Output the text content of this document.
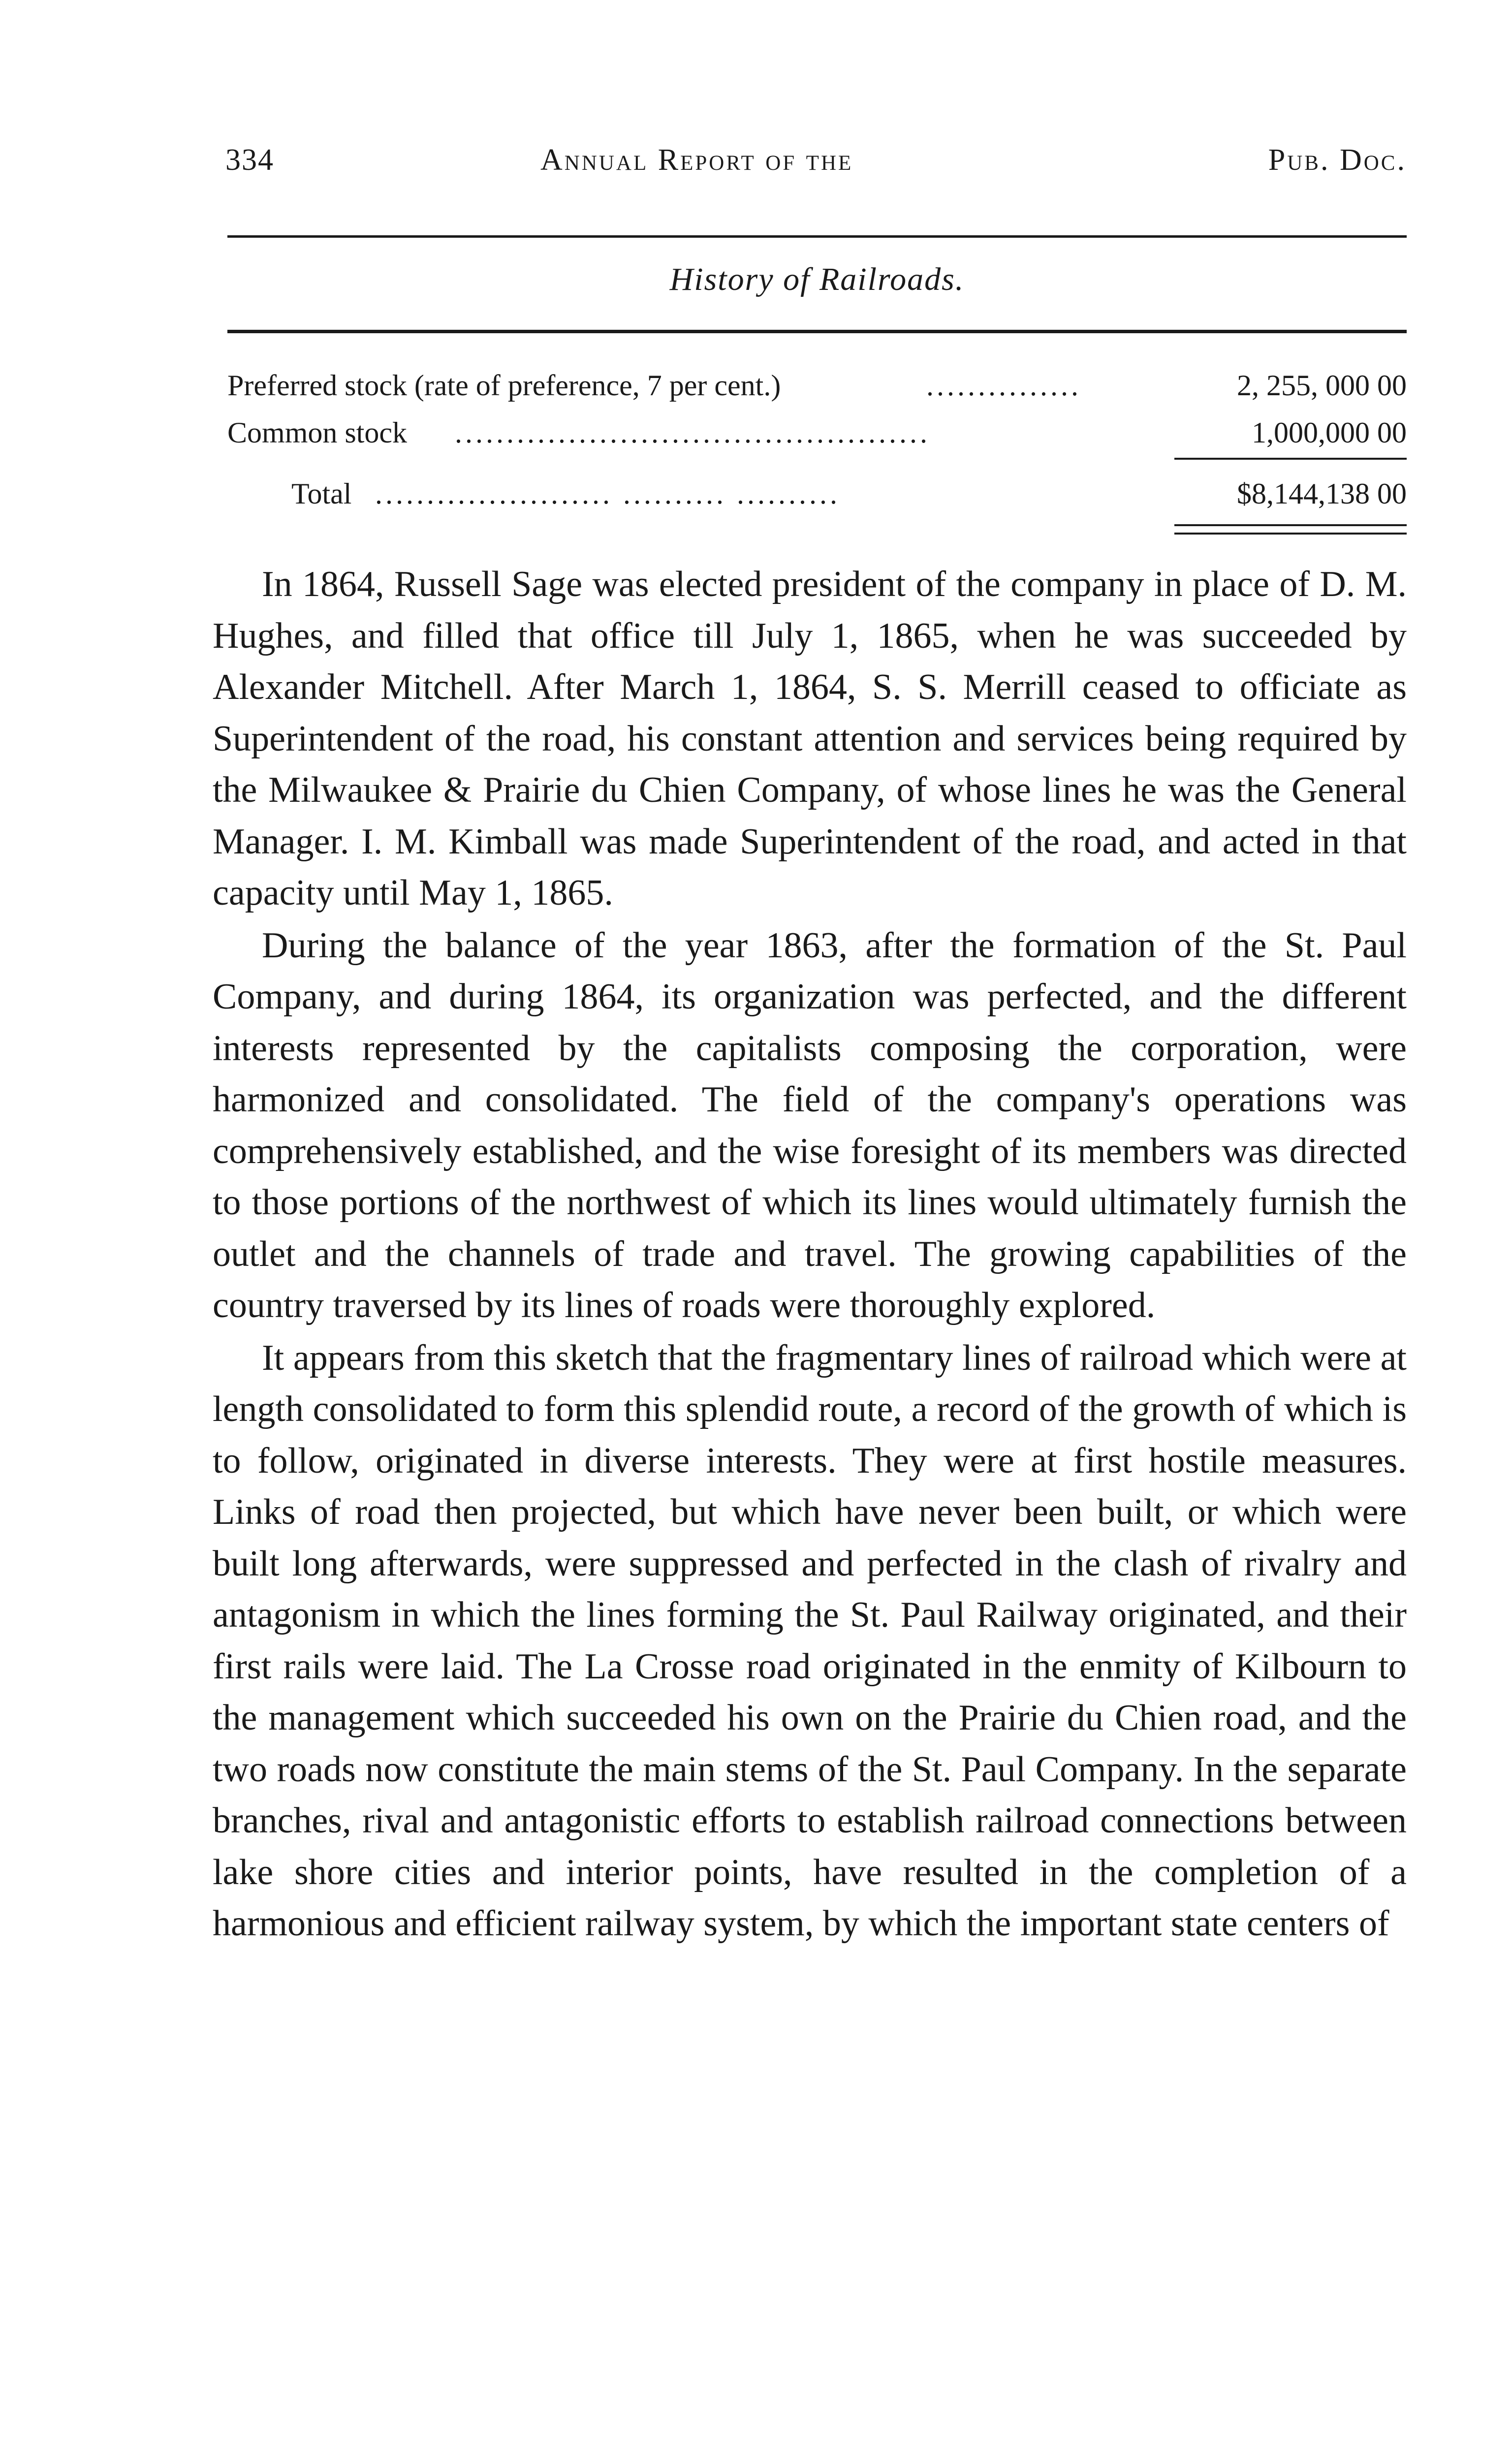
334	Annual Report of the	Pub. Doc.
History of Railroads.
Preferred stock (rate of preference, 7 per cent.)	...............	2, 255, 000 00
Common stock ..............................................	1,000,000 00
Total ....................... .......... ..........	$8,144,138 00

In 1864, Russell Sage was elected president of the company in place of D. M. Hughes, and filled that office till July 1, 1865, when he was succeeded by Alexander Mitchell. After March 1, 1864, S. S. Merrill ceased to officiate as Superintendent of the road, his constant attention and services being required by the Milwaukee & Prairie du Chien Company, of whose lines he was the General Manager. I. M. Kimball was made Superintendent of the road, and acted in that capacity until May 1, 1865.

During the balance of the year 1863, after the formation of the St. Paul Company, and during 1864, its organization was perfected, and the different interests represented by the capitalists composing the corporation, were harmonized and consolidated. The field of the company's operations was comprehensively established, and the wise foresight of its members was directed to those portions of the northwest of which its lines would ultimately furnish the outlet and the channels of trade and travel. The growing capabilities of the country traversed by its lines of roads were thoroughly explored.

It appears from this sketch that the fragmentary lines of railroad which were at length consolidated to form this splendid route, a record of the growth of which is to follow, originated in diverse interests. They were at first hostile measures. Links of road then projected, but which have never been built, or which were built long afterwards, were suppressed and perfected in the clash of rivalry and antagonism in which the lines forming the St. Paul Railway originated, and their first rails were laid. The La Crosse road originated in the enmity of Kilbourn to the management which succeeded his own on the Prairie du Chien road, and the two roads now constitute the main stems of the St. Paul Company. In the separate branches, rival and antagonistic efforts to establish railroad connections between lake shore cities and interior points, have resulted in the completion of a harmonious and efficient railway system, by which the important state centers of
